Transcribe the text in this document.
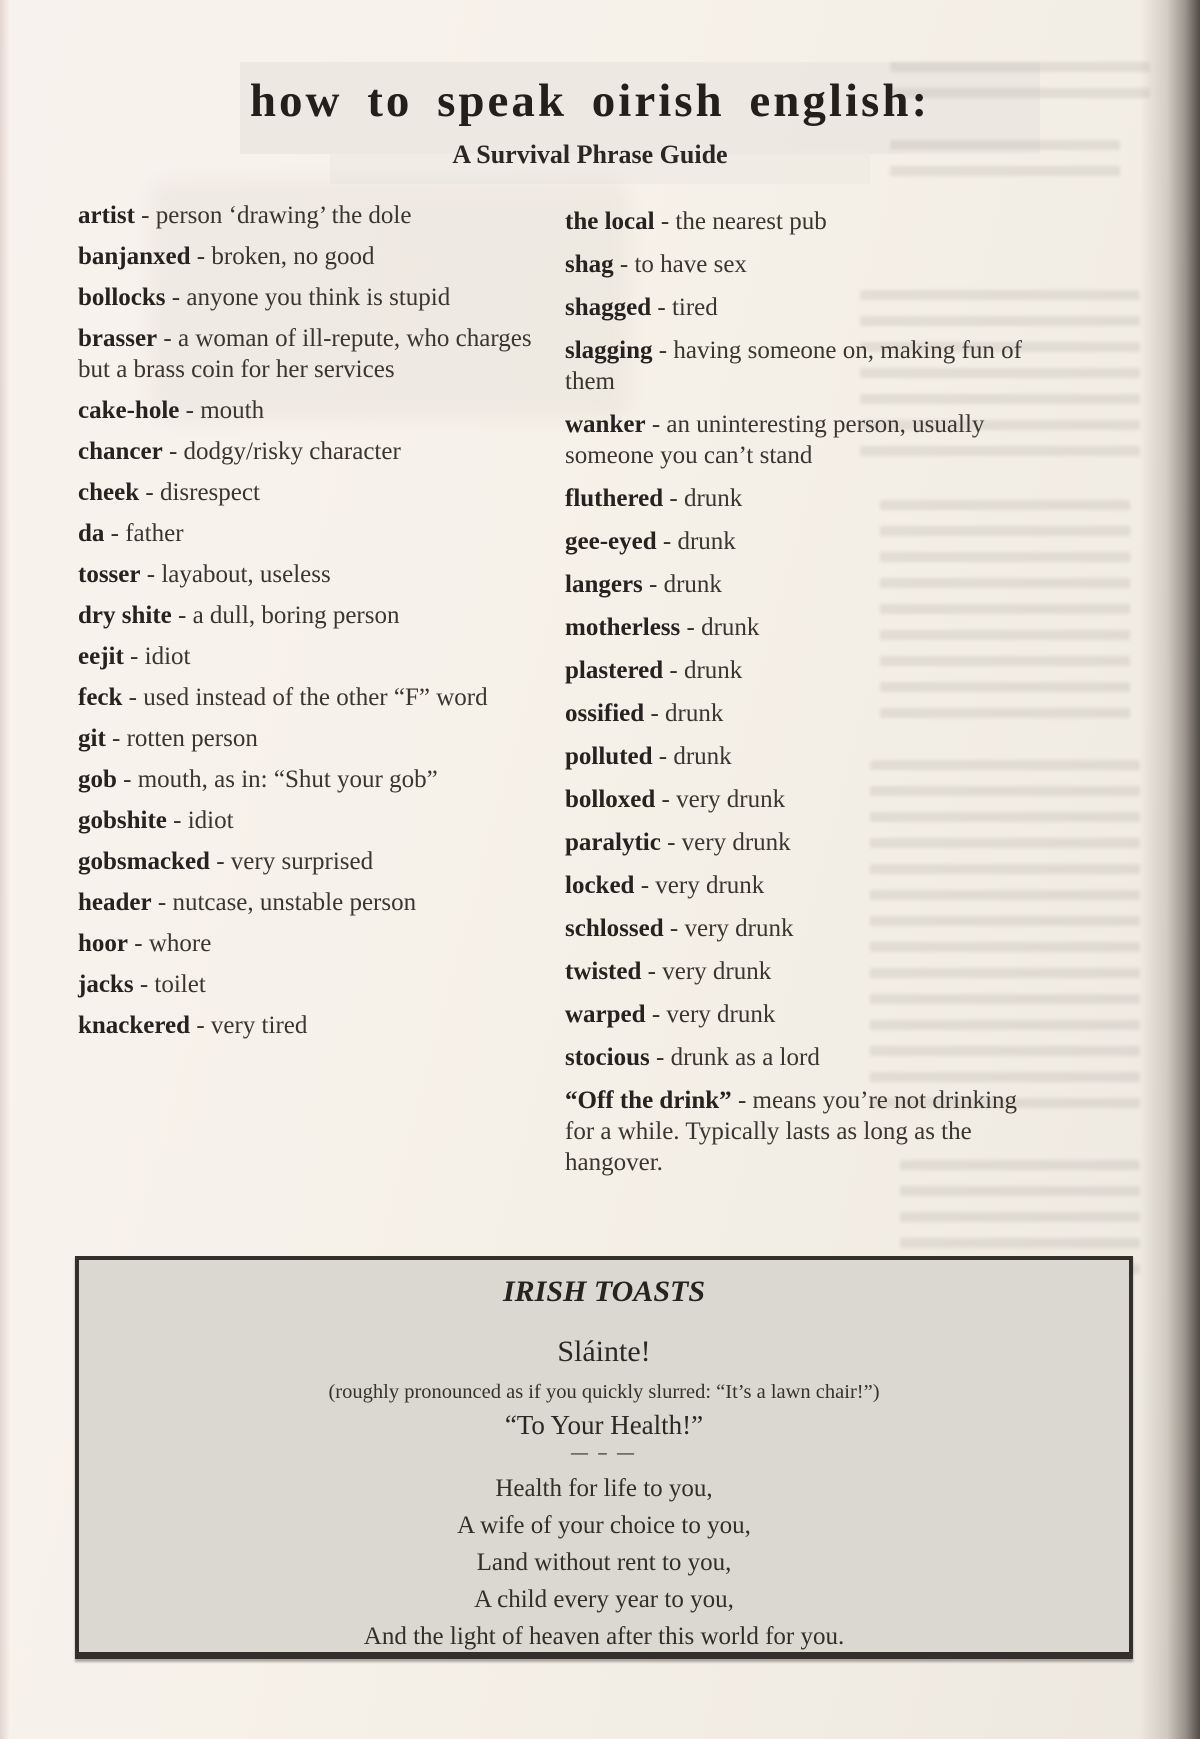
how to speak oirish english:
A Survival Phrase Guide
artist - person ‘drawing’ the dole
banjanxed - broken, no good
bollocks - anyone you think is stupid
brasser - a woman of ill-repute, who charges but a brass coin for her services
cake-hole - mouth
chancer - dodgy/risky character
cheek - disrespect
da - father
tosser - layabout, useless
dry shite - a dull, boring person
eejit - idiot
feck - used instead of the other “F” word
git - rotten person
gob - mouth, as in: “Shut your gob”
gobshite - idiot
gobsmacked - very surprised
header - nutcase, unstable person
hoor - whore
jacks - toilet
knackered - very tired
the local - the nearest pub
shag - to have sex
shagged - tired
slagging - having someone on, making fun of them
wanker - an uninteresting person, usually someone you can’t stand
fluthered - drunk
gee-eyed - drunk
langers - drunk
motherless - drunk
plastered - drunk
ossified - drunk
polluted - drunk
bolloxed - very drunk
paralytic - very drunk
locked - very drunk
schlossed - very drunk
twisted - very drunk
warped - very drunk
stocious - drunk as a lord
“Off the drink” - means you’re not drinking for a while. Typically lasts as long as the hangover.
IRISH TOASTS
Sláinte!
(roughly pronounced as if you quickly slurred: “It’s a lawn chair!”)
“To Your Health!”
— – —
Health for life to you,
A wife of your choice to you,
Land without rent to you,
A child every year to you,
And the light of heaven after this world for you.
